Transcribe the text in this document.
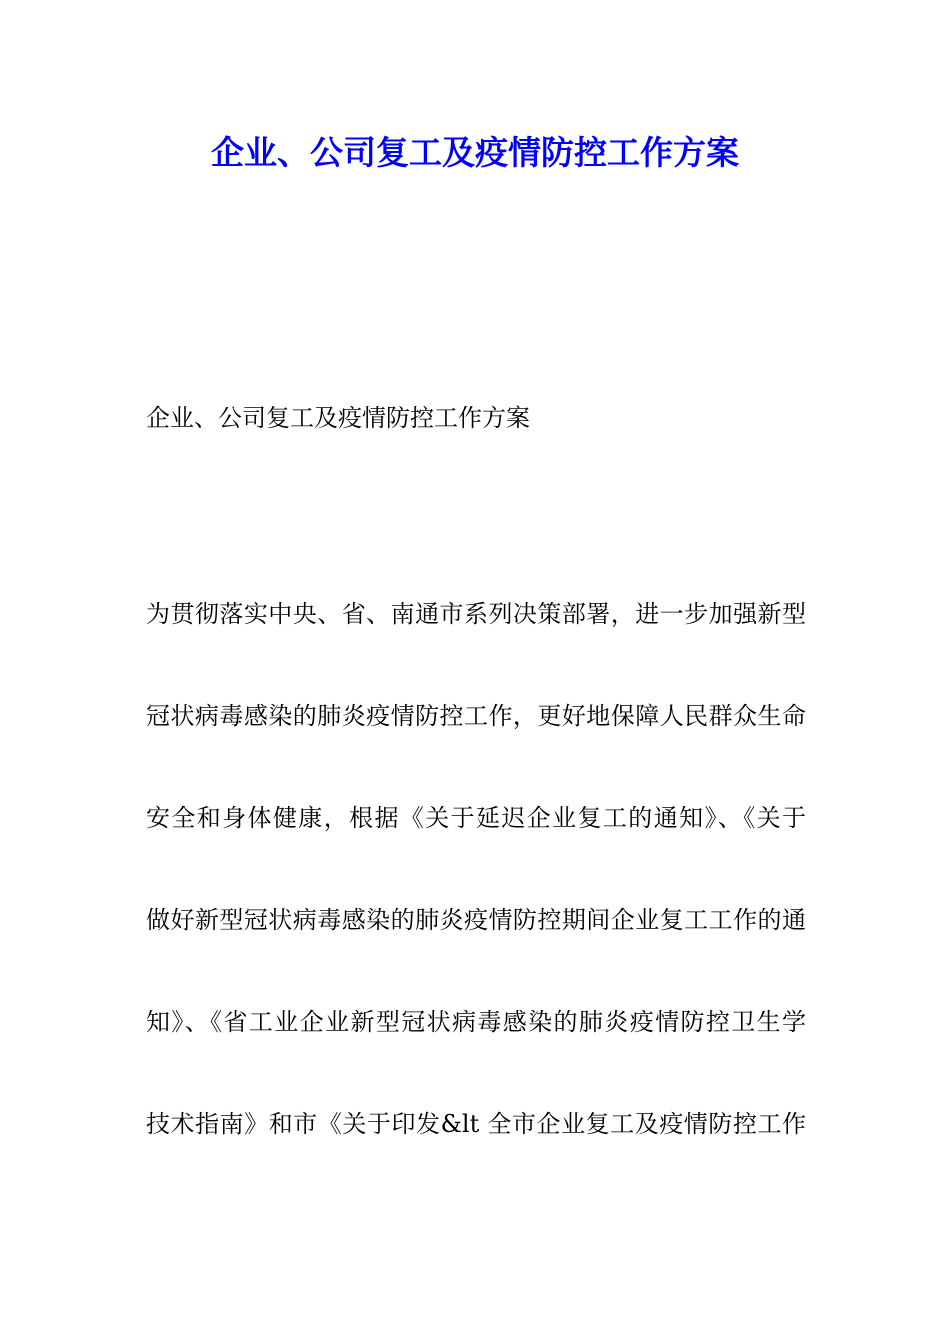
企业、公司复工及疫情防控工作方案

企业、公司复工及疫情防控工作方案

为贯彻落实中央、省、南通市系列决策部署，进一步加强新型
冠状病毒感染的肺炎疫情防控工作，更好地保障人民群众生命
安全和身体健康，根据《关于延迟企业复工的通知》、《关于
做好新型冠状病毒感染的肺炎疫情防控期间企业复工工作的通
知》、《省工业企业新型冠状病毒感染的肺炎疫情防控卫生学
技术指南》和市《关于印发&lt 全市企业复工及疫情防控工作
